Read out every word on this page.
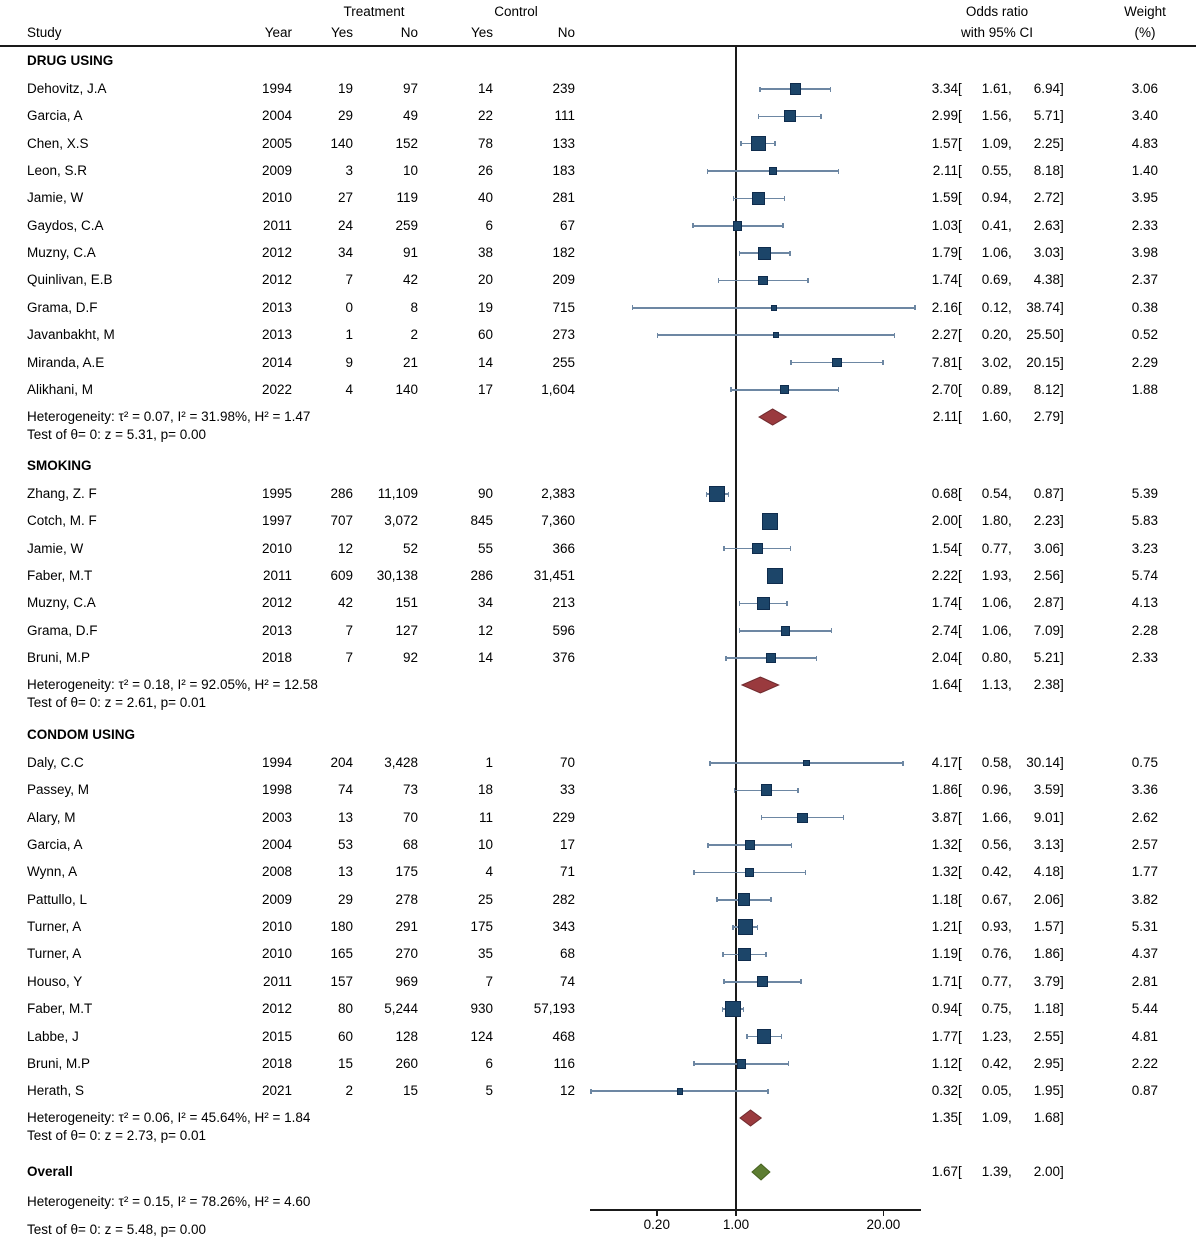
Treatment	Control	Odds ratio	Weight
Study	Year	Yes	No	Yes	No	with 95% CI	(%)
DRUG USING
Dehovitz, J.A	1994	19	97	14	239	3.34[ 1.61, 6.94]	3.06
Garcia, A	2004	29	49	22	111	2.99[ 1.56, 5.71]	3.40
Chen, X.S	2005	140	152	78	133	1.57[ 1.09, 2.25]	4.83
Leon, S.R	2009	3	10	26	183	2.11[ 0.55, 8.18]	1.40
Jamie, W	2010	27	119	40	281	1.59[ 0.94, 2.72]	3.95
Gaydos, C.A	2011	24	259	6	67	1.03[ 0.41, 2.63]	2.33
Muzny, C.A	2012	34	91	38	182	1.79[ 1.06, 3.03]	3.98
Quinlivan, E.B	2012	7	42	20	209	1.74[ 0.69, 4.38]	2.37
Grama, D.F	2013	0	8	19	715	2.16[ 0.12, 38.74]	0.38
Javanbakht, M	2013	1	2	60	273	2.27[ 0.20, 25.50]	0.52
Miranda, A.E	2014	9	21	14	255	7.81[ 3.02, 20.15]	2.29
Alikhani, M	2022	4	140	17	1,604	2.70[ 0.89, 8.12]	1.88
2.11[ 1.60, 2.79]
Heterogeneity: τ² = 0.07, I² = 31.98%, H² = 1.47
Test of θ= 0: z = 5.31, p= 0.00
SMOKING
Zhang, Z. F	1995	286	11,109	90	2,383	0.68[ 0.54, 0.87]	5.39
Cotch, M. F	1997	707	3,072	845	7,360	2.00[ 1.80, 2.23]	5.83
Jamie, W	2010	12	52	55	366	1.54[ 0.77, 3.06]	3.23
Faber, M.T	2011	609	30,138	286	31,451	2.22[ 1.93, 2.56]	5.74
Muzny, C.A	2012	42	151	34	213	1.74[ 1.06, 2.87]	4.13
Grama, D.F	2013	7	127	12	596	2.74[ 1.06, 7.09]	2.28
Bruni, M.P	2018	7	92	14	376	2.04[ 0.80, 5.21]	2.33
1.64[ 1.13, 2.38]
Heterogeneity: τ² = 0.18, I² = 92.05%, H² = 12.58
Test of θ= 0: z = 2.61, p= 0.01
CONDOM USING
Daly, C.C	1994	204	3,428	1	70	4.17[ 0.58, 30.14]	0.75
Passey, M	1998	74	73	18	33	1.86[ 0.96, 3.59]	3.36
Alary, M	2003	13	70	11	229	3.87[ 1.66, 9.01]	2.62
Garcia, A	2004	53	68	10	17	1.32[ 0.56, 3.13]	2.57
Wynn, A	2008	13	175	4	71	1.32[ 0.42, 4.18]	1.77
Pattullo, L	2009	29	278	25	282	1.18[ 0.67, 2.06]	3.82
Turner, A	2010	180	291	175	343	1.21[ 0.93, 1.57]	5.31
Turner, A	2010	165	270	35	68	1.19[ 0.76, 1.86]	4.37
Houso, Y	2011	157	969	7	74	1.71[ 0.77, 3.79]	2.81
Faber, M.T	2012	80	5,244	930	57,193	0.94[ 0.75, 1.18]	5.44
Labbe, J	2015	60	128	124	468	1.77[ 1.23, 2.55]	4.81
Bruni, M.P	2018	15	260	6	116	1.12[ 0.42, 2.95]	2.22
Herath, S	2021	2	15	5	12	0.32[ 0.05, 1.95]	0.87
1.35[ 1.09, 1.68]
Heterogeneity: τ² = 0.06, I² = 45.64%, H² = 1.84
Test of θ= 0: z = 2.73, p= 0.01
Overall	1.67[ 1.39, 2.00]
Heterogeneity: τ² = 0.15, I² = 78.26%, H² = 4.60
Test of θ= 0: z = 5.48, p= 0.00	0.20	1.00	20.00
